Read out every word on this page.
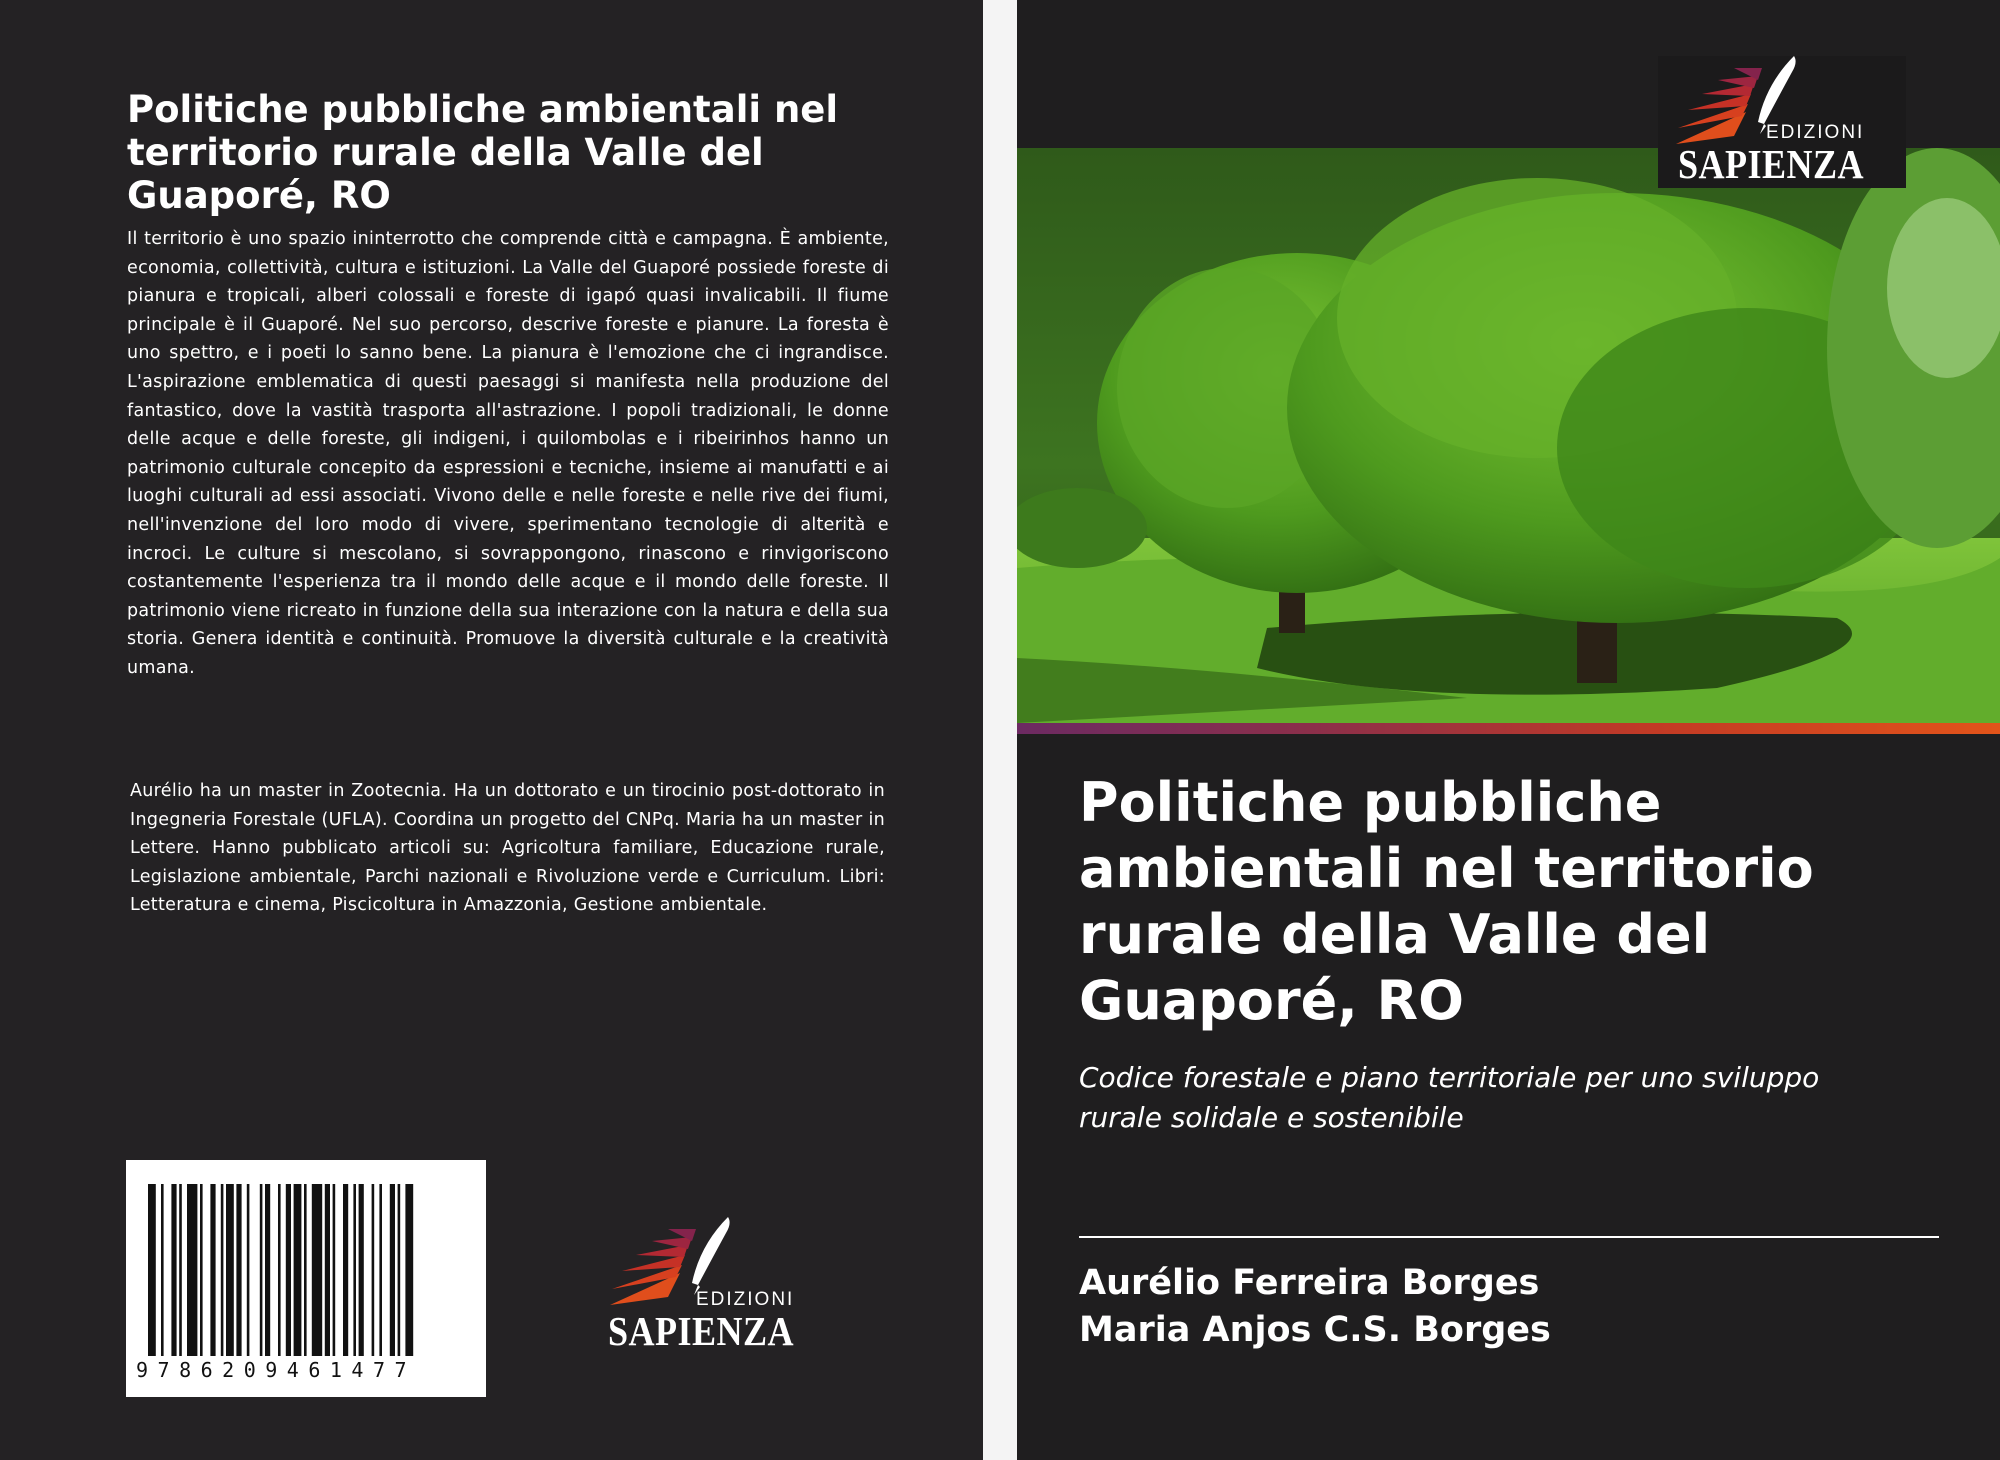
Politiche pubbliche ambientali nel territorio rurale della Valle del Guaporé, RO

Il territorio è uno spazio ininterrotto che comprende città e campagna. È ambiente, economia, collettività, cultura e istituzioni. La Valle del Guaporé possiede foreste di pianura e tropicali, alberi colossali e foreste di igapó quasi invalicabili. Il fiume principale è il Guaporé. Nel suo percorso, descrive foreste e pianure. La foresta è uno spettro, e i poeti lo sanno bene. La pianura è l'emozione che ci ingrandisce. L'aspirazione emblematica di questi paesaggi si manifesta nella produzione del fantastico, dove la vastità trasporta all'astrazione. I popoli tradizionali, le donne delle acque e delle foreste, gli indigeni, i quilombolas e i ribeirinhos hanno un patrimonio culturale concepito da espressioni e tecniche, insieme ai manufatti e ai luoghi culturali ad essi associati. Vivono delle e nelle foreste e nelle rive dei fiumi, nell'invenzione del loro modo di vivere, sperimentano tecnologie di alterità e incroci. Le culture si mescolano, si sovrappongono, rinascono e rinvigoriscono costantemente l'esperienza tra il mondo delle acque e il mondo delle foreste. Il patrimonio viene ricreato in funzione della sua interazione con la natura e della sua storia. Genera identità e continuità. Promuove la diversità culturale e la creatività umana.

Aurélio ha un master in Zootecnia. Ha un dottorato e un tirocinio post-dottorato in Ingegneria Forestale (UFLA). Coordina un progetto del CNPq. Maria ha un master in Lettere. Hanno pubblicato articoli su: Agricoltura familiare, Educazione rurale, Legislazione ambientale, Parchi nazionali e Rivoluzione verde e Curriculum. Libri: Letteratura e cinema, Piscicoltura in Amazzonia, Gestione ambientale.

9786209461477
EDIZIONI
SAPIENZA
Politiche pubbliche ambientali nel territorio rurale della Valle del Guaporé, RO

Codice forestale e piano territoriale per uno sviluppo rurale solidale e sostenibile

Aurélio Ferreira Borges

Maria Anjos C.S. Borges

EDIZIONI
SAPIENZA
